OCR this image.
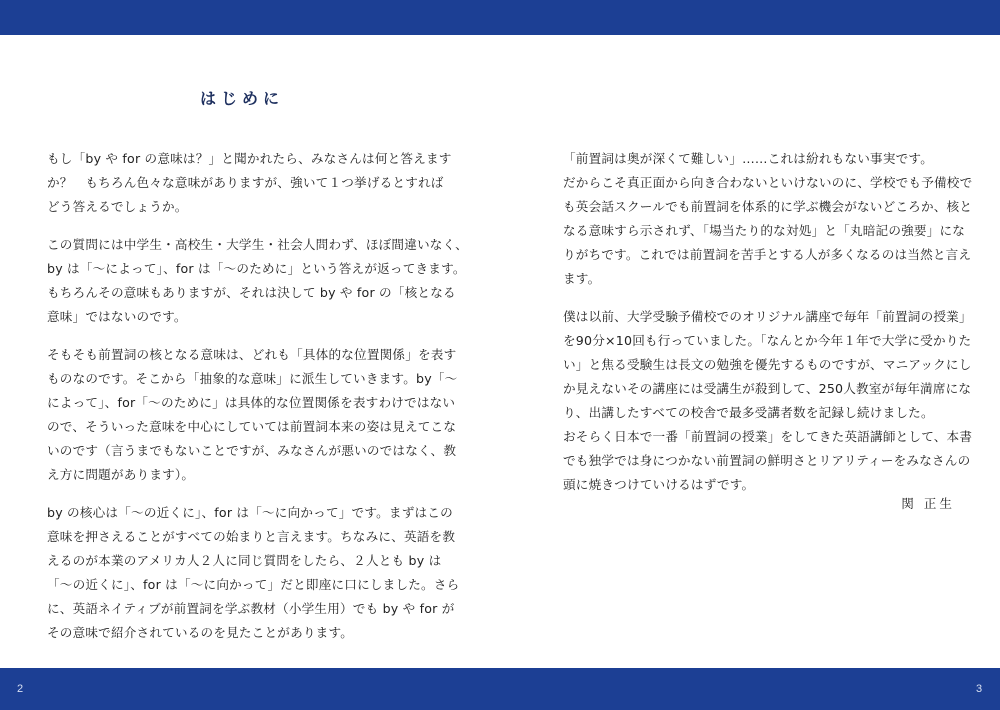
はじめに
もし「by や for の意味は？」と聞かれたら、みなさんは何と答えます
か？　もちろん色々な意味がありますが、強いて１つ挙げるとすれば
どう答えるでしょうか。
この質問には中学生・高校生・大学生・社会人問わず、ほぼ間違いなく、
by は「～によって」、for は「～のために」という答えが返ってきます。
もちろんその意味もありますが、それは決して by や for の「核となる
意味」ではないのです。
そもそも前置詞の核となる意味は、どれも「具体的な位置関係」を表す
ものなのです。そこから「抽象的な意味」に派生していきます。by「～
によって」、for「～のために」は具体的な位置関係を表すわけではない
ので、そういった意味を中心にしていては前置詞本来の姿は見えてこな
いのです（言うまでもないことですが、みなさんが悪いのではなく、教
え方に問題があります）。
by の核心は「～の近くに」、for は「～に向かって」です。まずはこの
意味を押さえることがすべての始まりと言えます。ちなみに、英語を教
えるのが本業のアメリカ人２人に同じ質問をしたら、２人とも by は
「～の近くに」、for は「～に向かって」だと即座に口にしました。さら
に、英語ネイティブが前置詞を学ぶ教材（小学生用）でも by や for が
その意味で紹介されているのを見たことがあります。
「前置詞は奥が深くて難しい」……これは紛れもない事実です。
だからこそ真正面から向き合わないといけないのに、学校でも予備校で
も英会話スクールでも前置詞を体系的に学ぶ機会がないどころか、核と
なる意味すら示されず、「場当たり的な対処」と「丸暗記の強要」にな
りがちです。これでは前置詞を苦手とする人が多くなるのは当然と言え
ます。
僕は以前、大学受験予備校でのオリジナル講座で毎年「前置詞の授業」
を90分×10回も行っていました。「なんとか今年１年で大学に受かりた
い」と焦る受験生は長文の勉強を優先するものですが、マニアックにし
か見えないその講座には受講生が殺到して、250人教室が毎年満席にな
り、出講したすべての校舎で最多受講者数を記録し続けました。
おそらく日本で一番「前置詞の授業」をしてきた英語講師として、本書
でも独学では身につかない前置詞の鮮明さとリアリティーをみなさんの
頭に焼きつけていけるはずです。
関 正生
2	3
